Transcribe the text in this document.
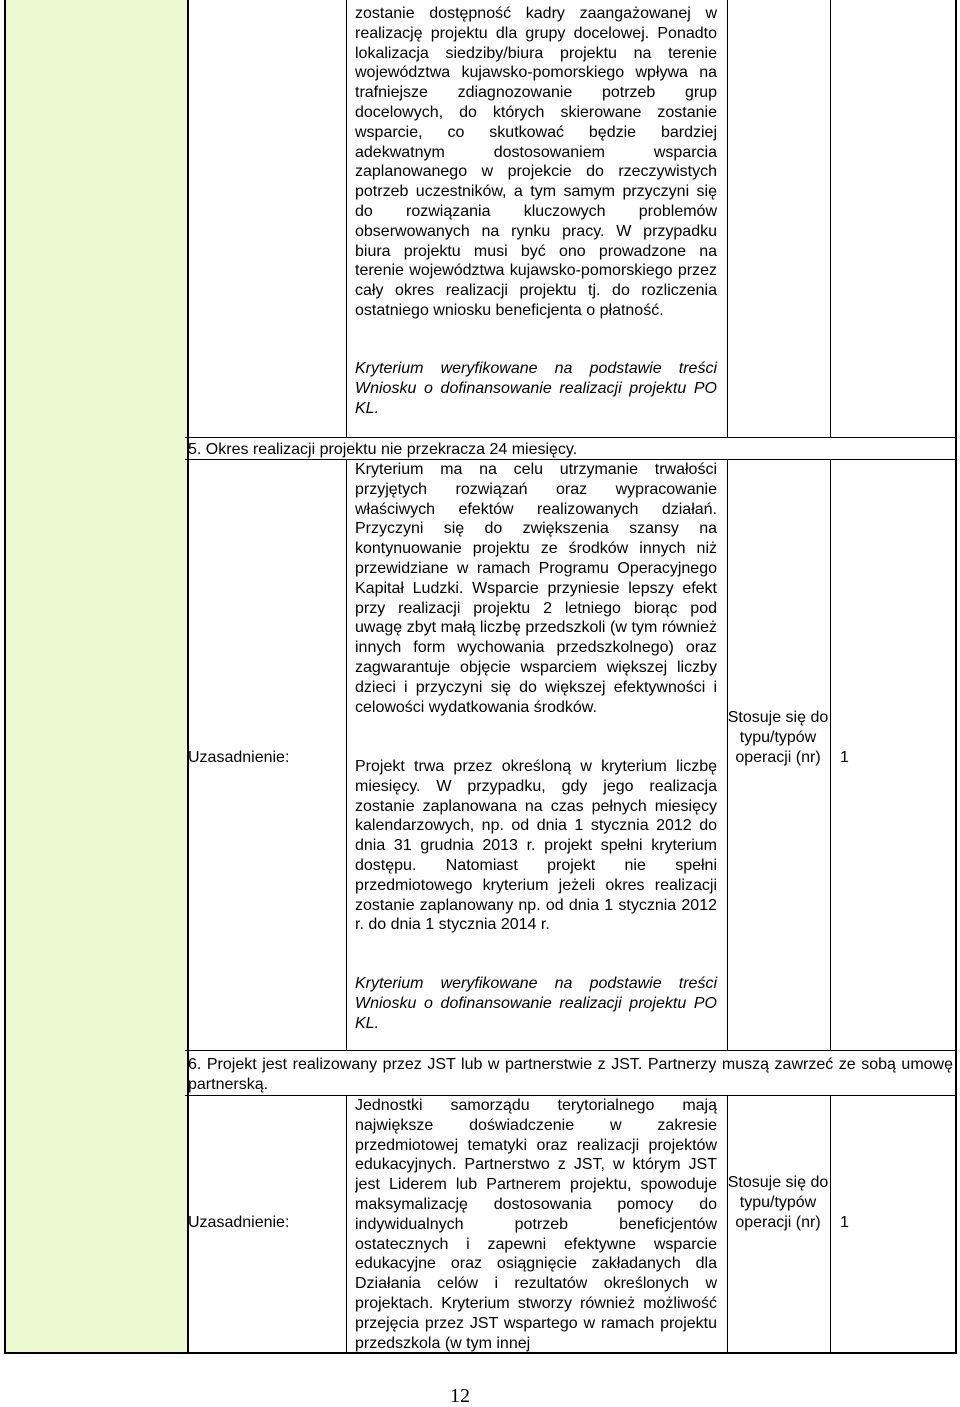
zostanie dostępność kadry zaangażowanej w realizację projektu dla grupy docelowej. Ponadto lokalizacja siedziby/biura projektu na terenie województwa kujawsko-pomorskiego wpływa na trafniejsze zdiagnozowanie potrzeb grup docelowych, do których skierowane zostanie wsparcie, co skutkować będzie bardziej adekwatnym dostosowaniem wsparcia zaplanowanego w projekcie do rzeczywistych potrzeb uczestników, a tym samym przyczyni się do rozwiązania kluczowych problemów obserwowanych na rynku pracy. W przypadku biura projektu musi być ono prowadzone na terenie województwa kujawsko-pomorskiego przez cały okres realizacji projektu tj. do rozliczenia ostatniego wniosku beneficjenta o płatność.

Kryterium weryfikowane na podstawie treści Wniosku o dofinansowanie realizacji projektu PO KL.

5. Okres realizacji projektu nie przekracza 24 miesięcy.
Uzasadnienie:

Kryterium ma na celu utrzymanie trwałości przyjętych rozwiązań oraz wypracowanie właściwych efektów realizowanych działań. Przyczyni się do zwiększenia szansy na kontynuowanie projektu ze środków innych niż przewidziane w ramach Programu Operacyjnego Kapitał Ludzki. Wsparcie przyniesie lepszy efekt przy realizacji projektu 2 letniego biorąc pod uwagę zbyt małą liczbę przedszkoli (w tym również innych form wychowania przedszkolnego) oraz zagwarantuje objęcie wsparciem większej liczby dzieci i przyczyni się do większej efektywności i celowości wydatkowania środków.

Projekt trwa przez określoną w kryterium liczbę miesięcy. W przypadku, gdy jego realizacja zostanie zaplanowana na czas pełnych miesięcy kalendarzowych, np. od dnia 1 stycznia 2012 do dnia 31 grudnia 2013 r. projekt spełni kryterium dostępu. Natomiast projekt nie spełni przedmiotowego kryterium jeżeli okres realizacji zostanie zaplanowany np. od dnia 1 stycznia 2012 r. do dnia 1 stycznia 2014 r.

Kryterium weryfikowane na podstawie treści Wniosku o dofinansowanie realizacji projektu PO KL.

Stosuje się do typu/typów operacji (nr)	1
6. Projekt jest realizowany przez JST lub w partnerstwie z JST. Partnerzy muszą zawrzeć ze sobą umowę partnerską.
Uzasadnienie:

Jednostki samorządu terytorialnego mają największe doświadczenie w zakresie przedmiotowej tematyki oraz realizacji projektów edukacyjnych. Partnerstwo z JST, w którym JST jest Liderem lub Partnerem projektu, spowoduje maksymalizację dostosowania pomocy do indywidualnych potrzeb beneficjentów ostatecznych i zapewni efektywne wsparcie edukacyjne oraz osiągnięcie zakładanych dla Działania celów i rezultatów określonych w projektach. Kryterium stworzy również możliwość przejęcia przez JST wspartego w ramach projektu przedszkola (w tym innej

Stosuje się do typu/typów operacji (nr)	1
12
